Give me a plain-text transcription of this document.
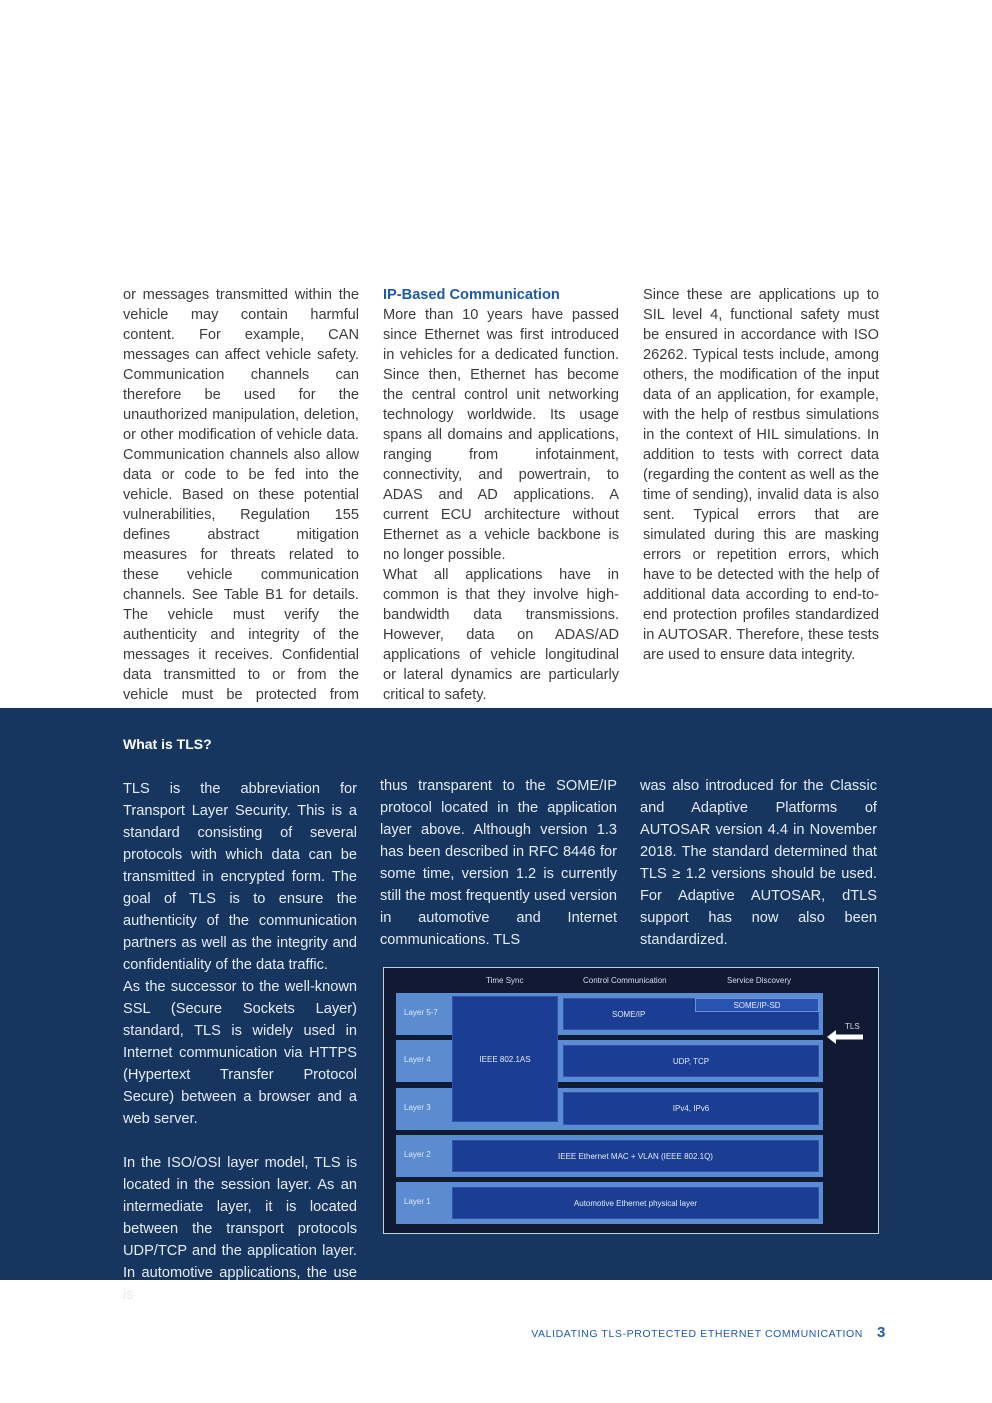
or messages transmitted within the vehicle may contain harmful content. For example, CAN messages can affect vehicle safety. Communication channels can therefore be used for the unauthorized manipulation, deletion, or other modification of vehicle data. Communication channels also allow data or code to be fed into the vehicle. Based on these potential vulnerabilities, Regulation 155 defines abstract mitigation measures for threats related to these vehicle communication channels. See Table B1 for details. The vehicle must verify the authenticity and integrity of the messages it receives. Confidential data transmitted to or from the vehicle must be protected from

IP-Based Communication

More than 10 years have passed since Ethernet was first introduced in vehicles for a dedicated function. Since then, Ethernet has become the central control unit networking technology worldwide. Its usage spans all domains and applications, ranging from infotainment, connectivity, and powertrain, to ADAS and AD applications. A current ECU architecture without Ethernet as a vehicle backbone is no longer possible.

What all applications have in common is that they involve high-bandwidth data transmissions. However, data on ADAS/AD applications of vehicle longitudinal or lateral dynamics are particularly critical to safety.

Since these are applications up to SIL level 4, functional safety must be ensured in accordance with ISO 26262. Typical tests include, among others, the modification of the input data of an application, for example, with the help of restbus simulations in the context of HIL simulations. In addition to tests with correct data (regarding the content as well as the time of sending), invalid data is also sent. Typical errors that are simulated during this are masking errors or repetition errors, which have to be detected with the help of additional data according to end-to-end protection profiles standardized in AUTOSAR. Therefore, these tests are used to ensure data integrity.

What is TLS?

TLS is the abbreviation for Transport Layer Security. This is a standard consisting of several protocols with which data can be transmitted in encrypted form. The goal of TLS is to ensure the authenticity of the communication partners as well as the integrity and confidentiality of the data traffic.

As the successor to the well-known SSL (Secure Sockets Layer) standard, TLS is widely used in Internet communication via HTTPS (Hypertext Transfer Protocol Secure) between a browser and a web server.

In the ISO/OSI layer model, TLS is located in the session layer. As an intermediate layer, it is located between the transport protocols UDP/TCP and the application layer. In automotive applications, the use is

thus transparent to the SOME/IP protocol located in the application layer above. Although version 1.3 has been described in RFC 8446 for some time, version 1.2 is currently still the most frequently used version in automotive and Internet communications. TLS

was also introduced for the Classic and Adaptive Platforms of AUTOSAR version 4.4 in November 2018. The standard determined that TLS ≥ 1.2 versions should be used. For Adaptive AUTOSAR, dTLS support has now also been standardized.

Time Sync	Control Communication	Service Discovery
Layer 5-7
Layer 4
Layer 3
Layer 2
Layer 1
IEEE 802.1AS
SOME/IP
SOME/IP-SD
UDP, TCP
IPv4, IPv6
IEEE Ethernet MAC + VLAN (IEEE 802.1Q)
Automotive Ethernet physical layer
TLS
VALIDATING TLS-PROTECTED ETHERNET COMMUNICATION 3
